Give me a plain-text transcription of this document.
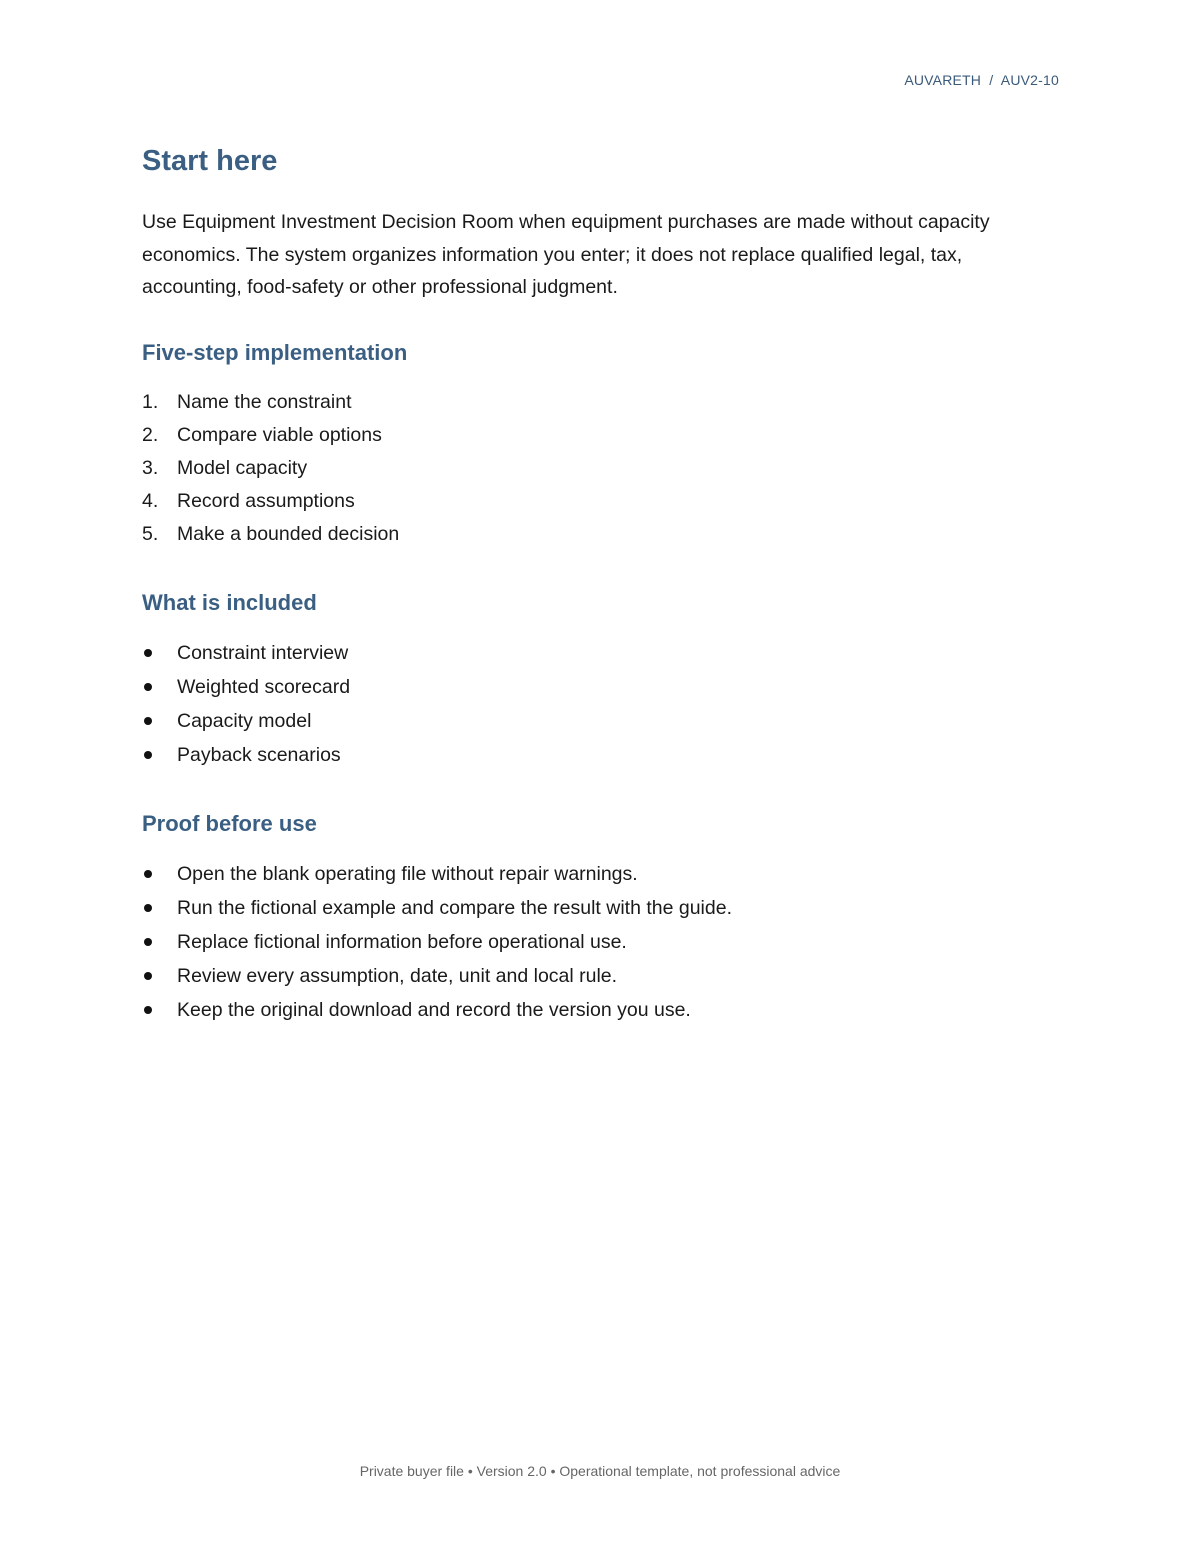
AUVARETH  /  AUV2-10
Start here

Use Equipment Investment Decision Room when equipment purchases are made without capacity economics. The system organizes information you enter; it does not replace qualified legal, tax, accounting, food-safety or other professional judgment.

Five-step implementation
1. Name the constraint
2. Compare viable options
3. Model capacity
4. Record assumptions
5. Make a bounded decision
What is included
Constraint interview
Weighted scorecard
Capacity model
Payback scenarios
Proof before use
Open the blank operating file without repair warnings.
Run the fictional example and compare the result with the guide.
Replace fictional information before operational use.
Review every assumption, date, unit and local rule.
Keep the original download and record the version you use.
Private buyer file • Version 2.0 • Operational template, not professional advice
